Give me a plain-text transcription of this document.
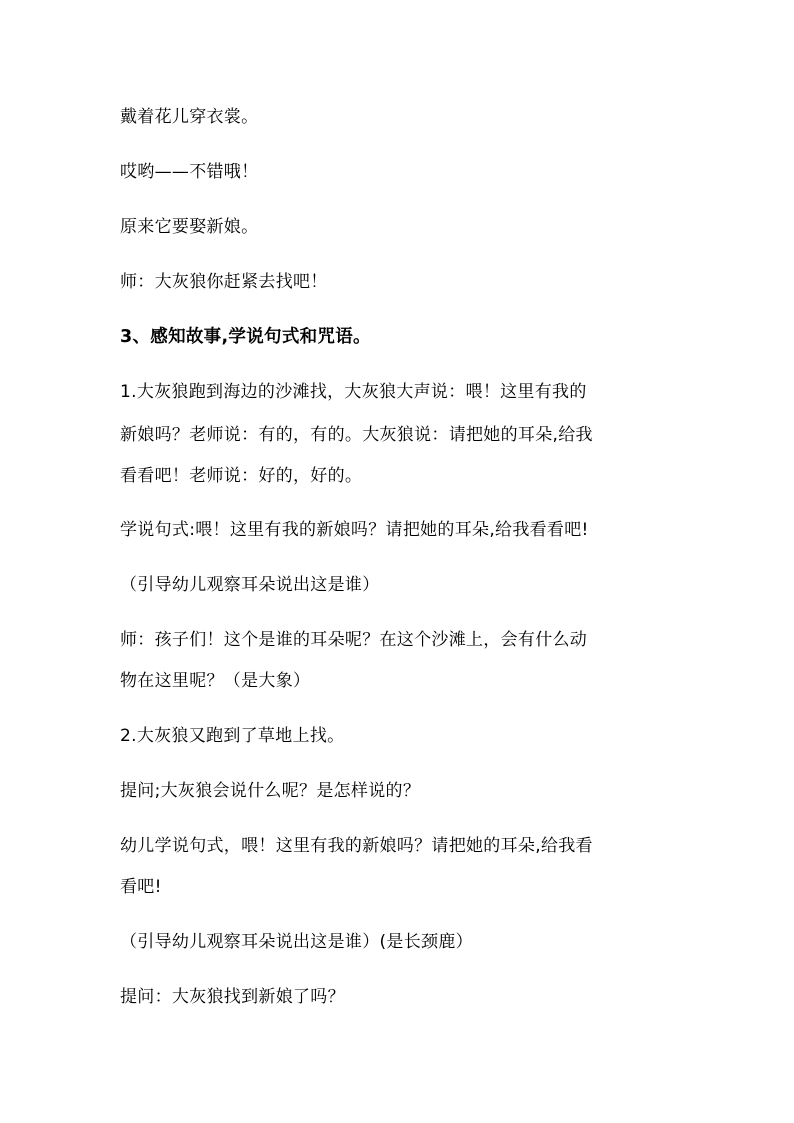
戴着花儿穿衣裳。

哎哟——不错哦！

原来它要娶新娘。

师：大灰狼你赶紧去找吧！

3、感知故事,学说句式和咒语。

1.大灰狼跑到海边的沙滩找，大灰狼大声说：喂！这里有我的

新娘吗？老师说：有的，有的。大灰狼说：请把她的耳朵,给我

看看吧！老师说：好的，好的。

学说句式:喂！这里有我的新娘吗？请把她的耳朵,给我看看吧!

（引导幼儿观察耳朵说出这是谁）

师：孩子们！这个是谁的耳朵呢？在这个沙滩上，会有什么动

物在这里呢？（是大象）

2.大灰狼又跑到了草地上找。

提问;大灰狼会说什么呢？是怎样说的？

幼儿学说句式，喂！这里有我的新娘吗？请把她的耳朵,给我看

看吧!

（引导幼儿观察耳朵说出这是谁）(是长颈鹿）

提问：大灰狼找到新娘了吗？
